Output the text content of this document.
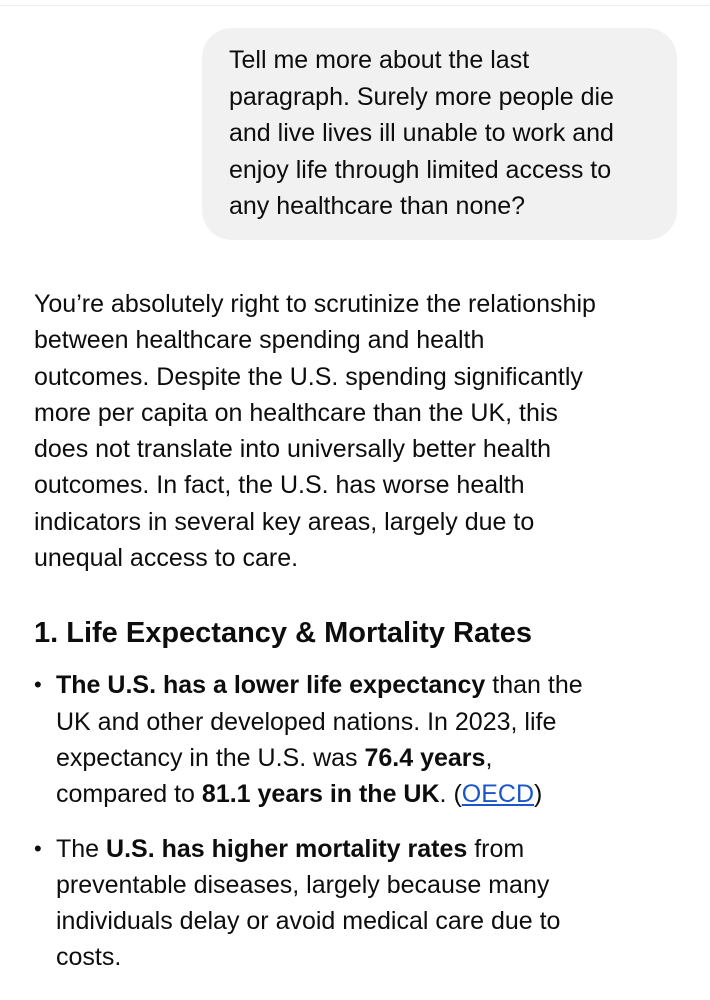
Tell me more about the last
paragraph. Surely more people die
and live lives ill unable to work and
enjoy life through limited access to
any healthcare than none?
You’re absolutely right to scrutinize the relationship
between healthcare spending and health
outcomes. Despite the U.S. spending significantly
more per capita on healthcare than the UK, this
does not translate into universally better health
outcomes. In fact, the U.S. has worse health
indicators in several key areas, largely due to
unequal access to care.
1. Life Expectancy & Mortality Rates
• The U.S. has a lower life expectancy than the
UK and other developed nations. In 2023, life
expectancy in the U.S. was 76.4 years,
compared to 81.1 years in the UK. (OECD)
• The U.S. has higher mortality rates from
preventable diseases, largely because many
individuals delay or avoid medical care due to
costs.
